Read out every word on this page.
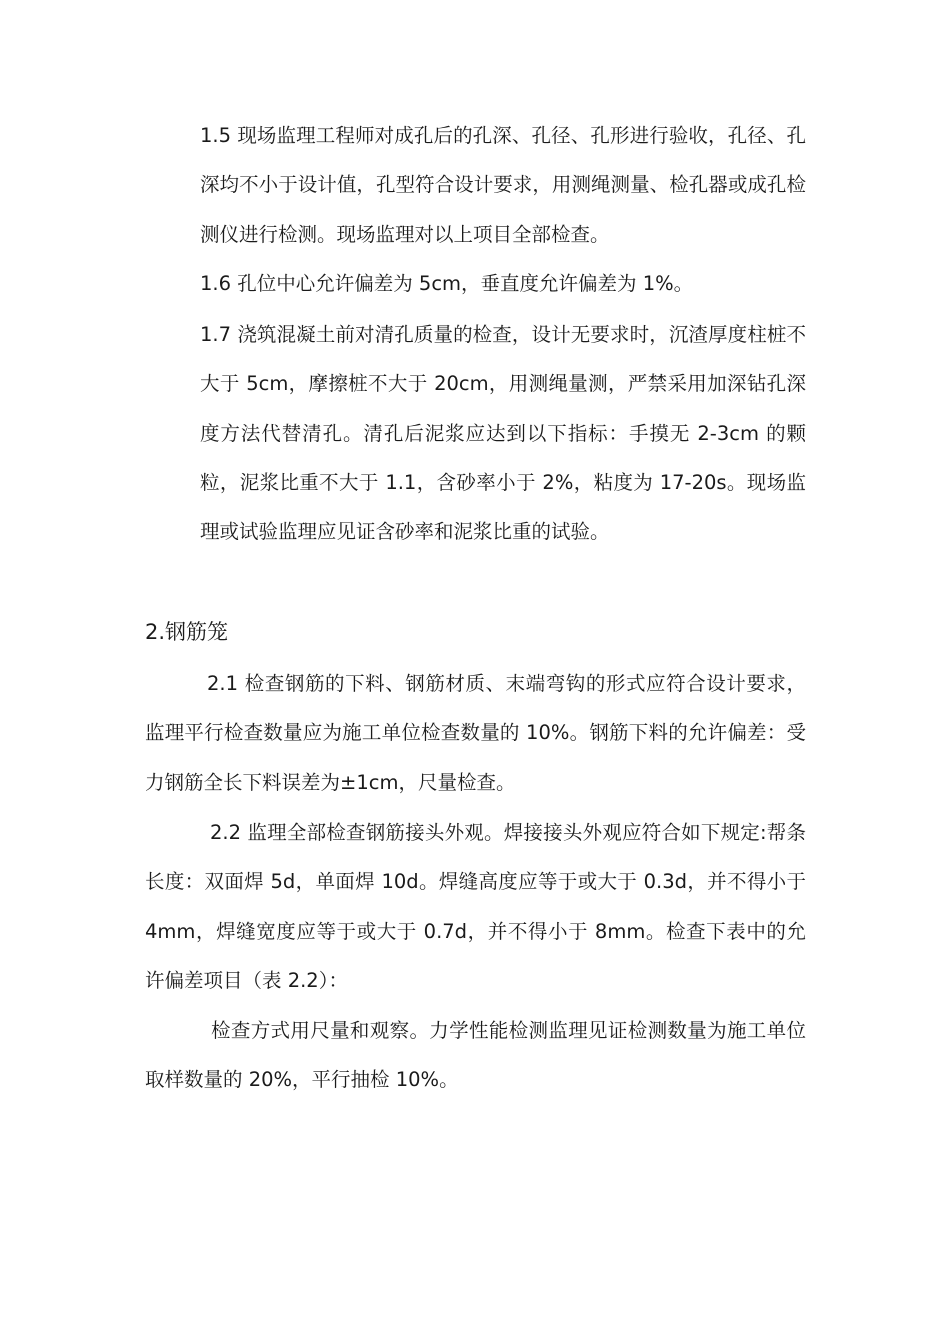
1.5 现场监理工程师对成孔后的孔深、孔径、孔形进行验收，孔径、孔深均不小于设计值，孔型符合设计要求，用测绳测量、检孔器或成孔检测仪进行检测。现场监理对以上项目全部检查。

1.6 孔位中心允许偏差为 5cm，垂直度允许偏差为 1%。

1.7 浇筑混凝土前对清孔质量的检查，设计无要求时，沉渣厚度柱桩不大于 5cm，摩擦桩不大于 20cm，用测绳量测，严禁采用加深钻孔深度方法代替清孔。清孔后泥浆应达到以下指标：手摸无 2-3cm 的颗粒，泥浆比重不大于 1.1，含砂率小于 2%，粘度为 17-20s。现场监理或试验监理应见证含砂率和泥浆比重的试验。

2.钢筋笼

2.1 检查钢筋的下料、钢筋材质、末端弯钩的形式应符合设计要求，监理平行检查数量应为施工单位检查数量的 10%。钢筋下料的允许偏差：受力钢筋全长下料误差为±1cm，尺量检查。

2.2 监理全部检查钢筋接头外观。焊接接头外观应符合如下规定:帮条长度：双面焊 5d，单面焊 10d。焊缝高度应等于或大于 0.3d，并不得小于 4mm，焊缝宽度应等于或大于 0.7d，并不得小于 8mm。检查下表中的允许偏差项目（表 2.2）：

检查方式用尺量和观察。力学性能检测监理见证检测数量为施工单位取样数量的 20%，平行抽检 10%。
